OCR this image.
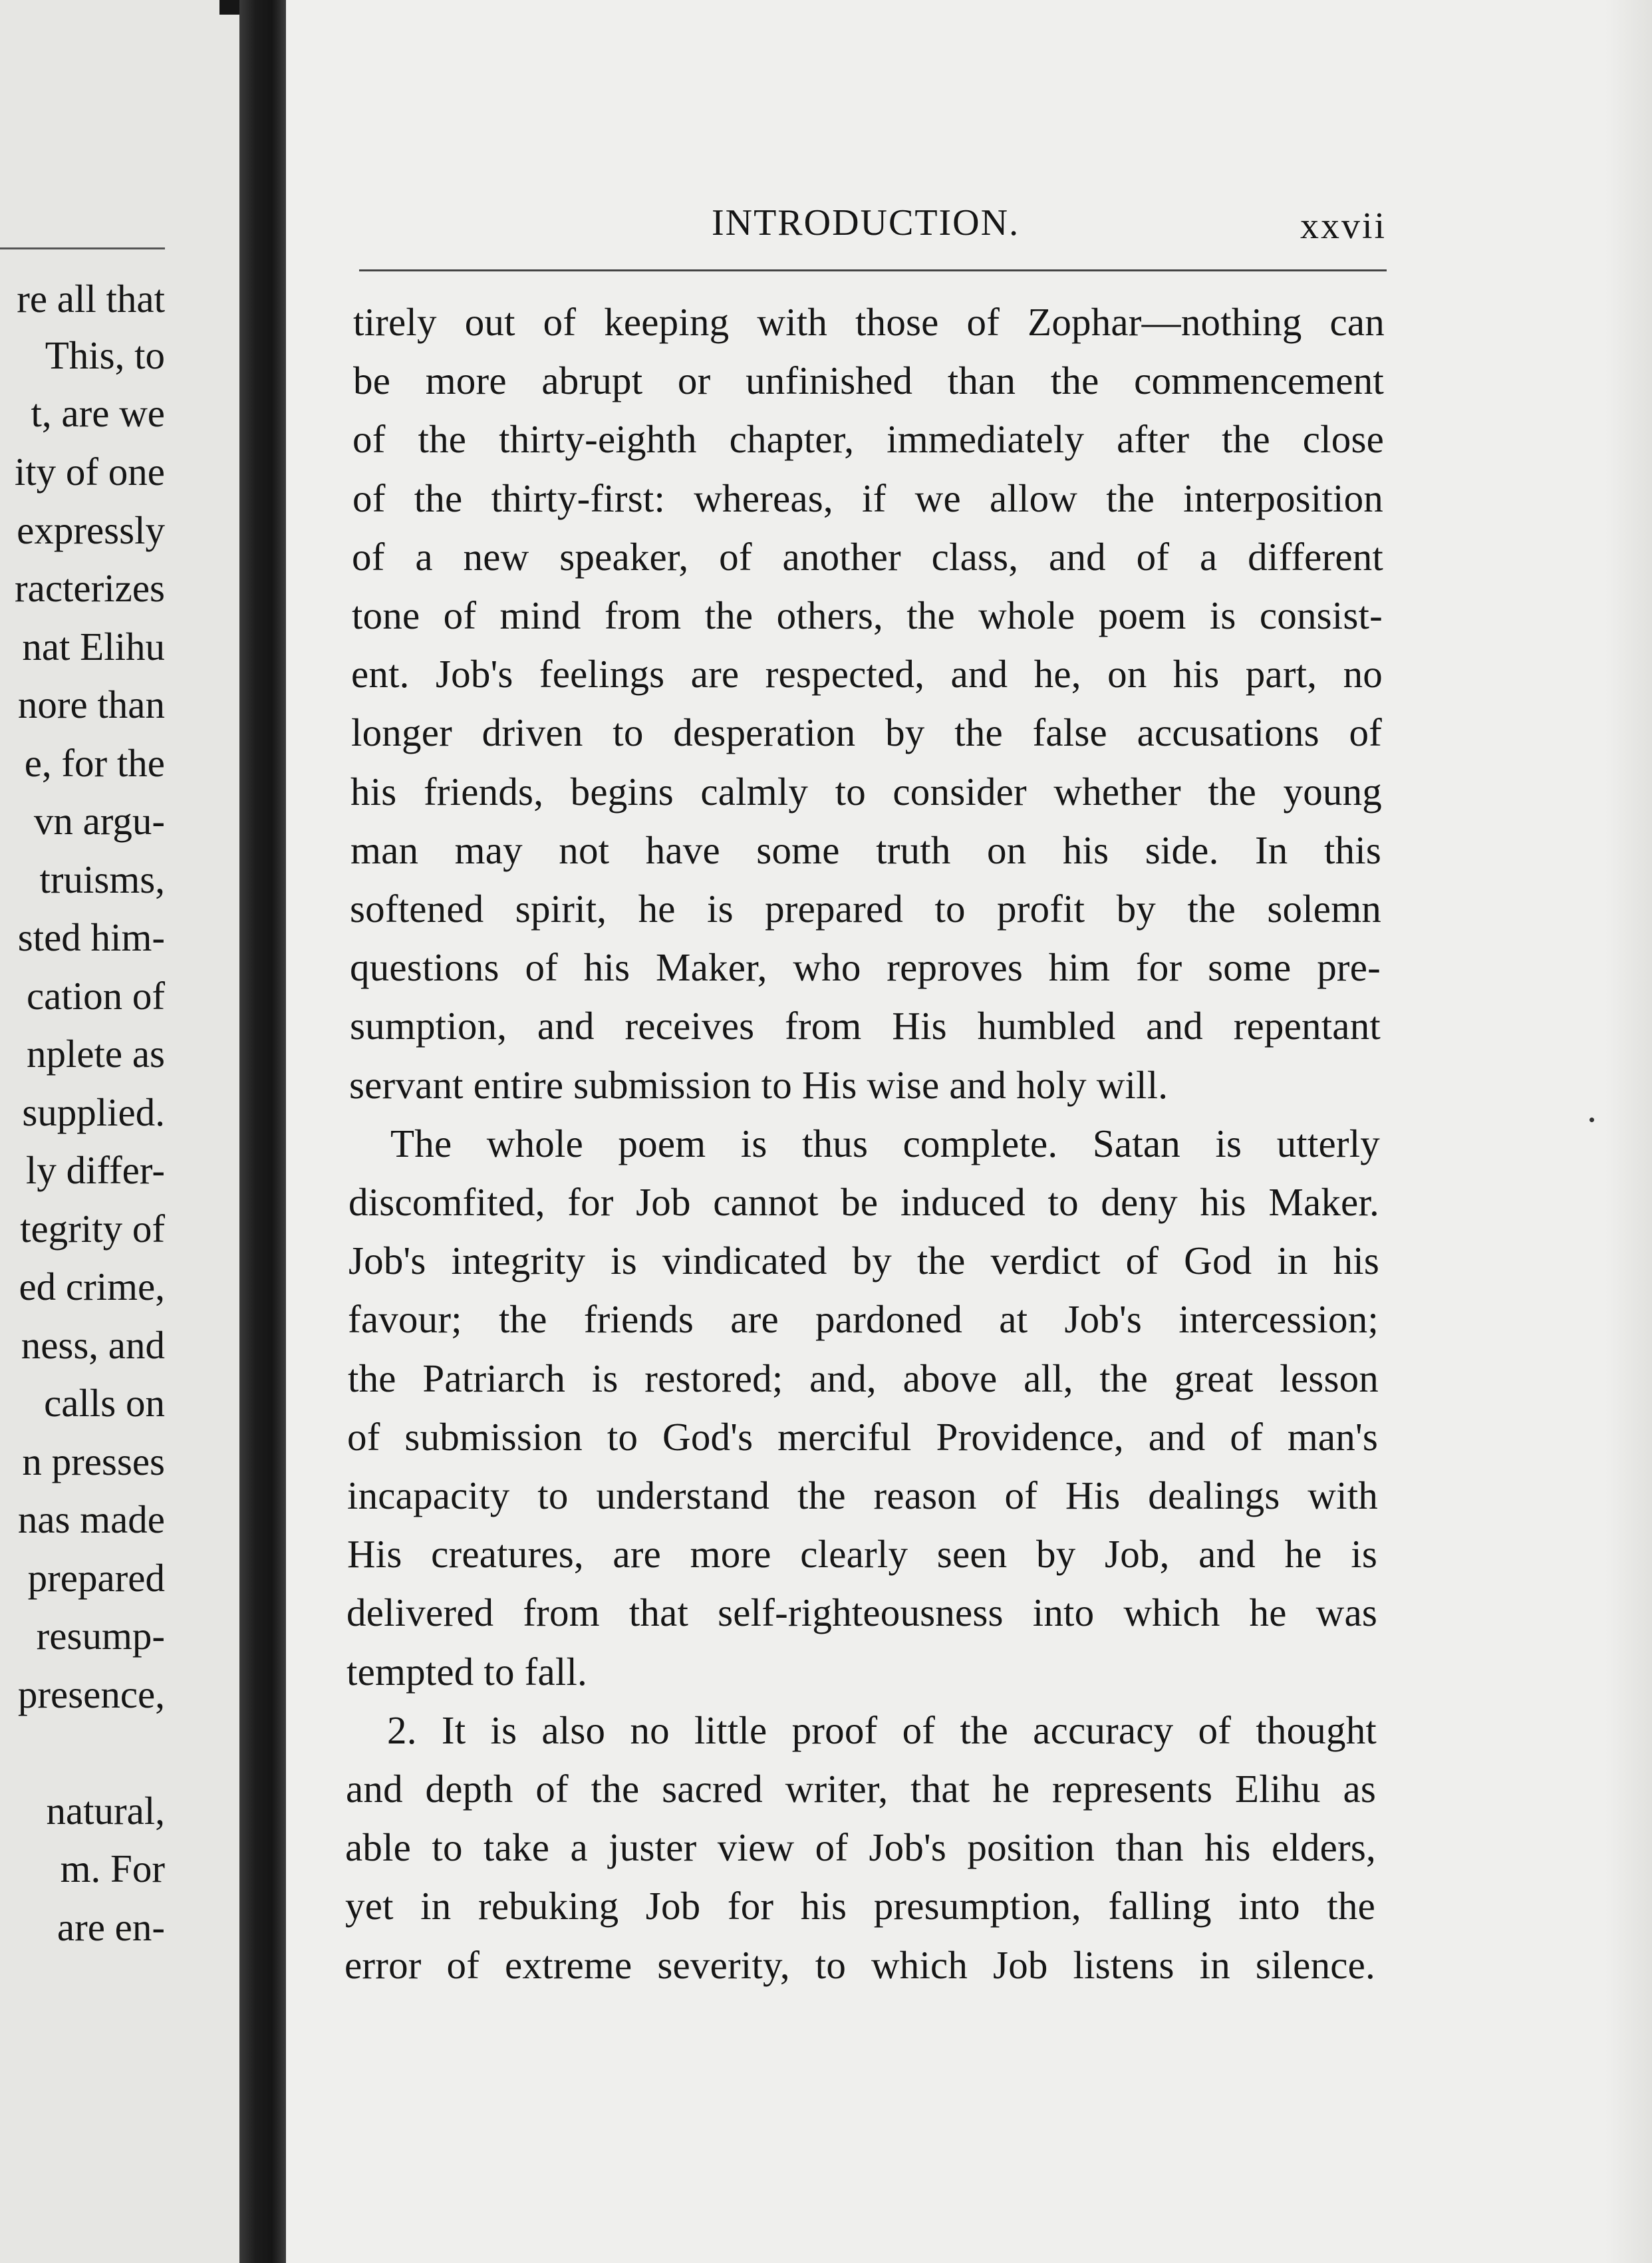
re all that
This, to
t, are we
ity of one
expressly
racterizes
nat Elihu
nore than
e, for the
vn argu-
truisms,
sted him-
cation of
nplete as
supplied.
ly differ-
tegrity of
ed crime,
ness, and
calls on
n presses
nas made
prepared
resump-
presence,
natural,
m. For
are en-
INTRODUCTION.	xxvii
tirely out of keeping with those of Zophar—nothing can
be more abrupt or unfinished than the commencement
of the thirty-eighth chapter, immediately after the close
of the thirty-first: whereas, if we allow the interposition
of a new speaker, of another class, and of a different
tone of mind from the others, the whole poem is consist-
ent. Job's feelings are respected, and he, on his part, no
longer driven to desperation by the false accusations of
his friends, begins calmly to consider whether the young
man may not have some truth on his side. In this
softened spirit, he is prepared to profit by the solemn
questions of his Maker, who reproves him for some pre-
sumption, and receives from His humbled and repentant
servant entire submission to His wise and holy will.
The whole poem is thus complete. Satan is utterly
discomfited, for Job cannot be induced to deny his Maker.
Job's integrity is vindicated by the verdict of God in his
favour; the friends are pardoned at Job's intercession;
the Patriarch is restored; and, above all, the great lesson
of submission to God's merciful Providence, and of man's
incapacity to understand the reason of His dealings with
His creatures, are more clearly seen by Job, and he is
delivered from that self-righteousness into which he was
tempted to fall.
2. It is also no little proof of the accuracy of thought
and depth of the sacred writer, that he represents Elihu as
able to take a juster view of Job's position than his elders,
yet in rebuking Job for his presumption, falling into the
error of extreme severity, to which Job listens in silence.
